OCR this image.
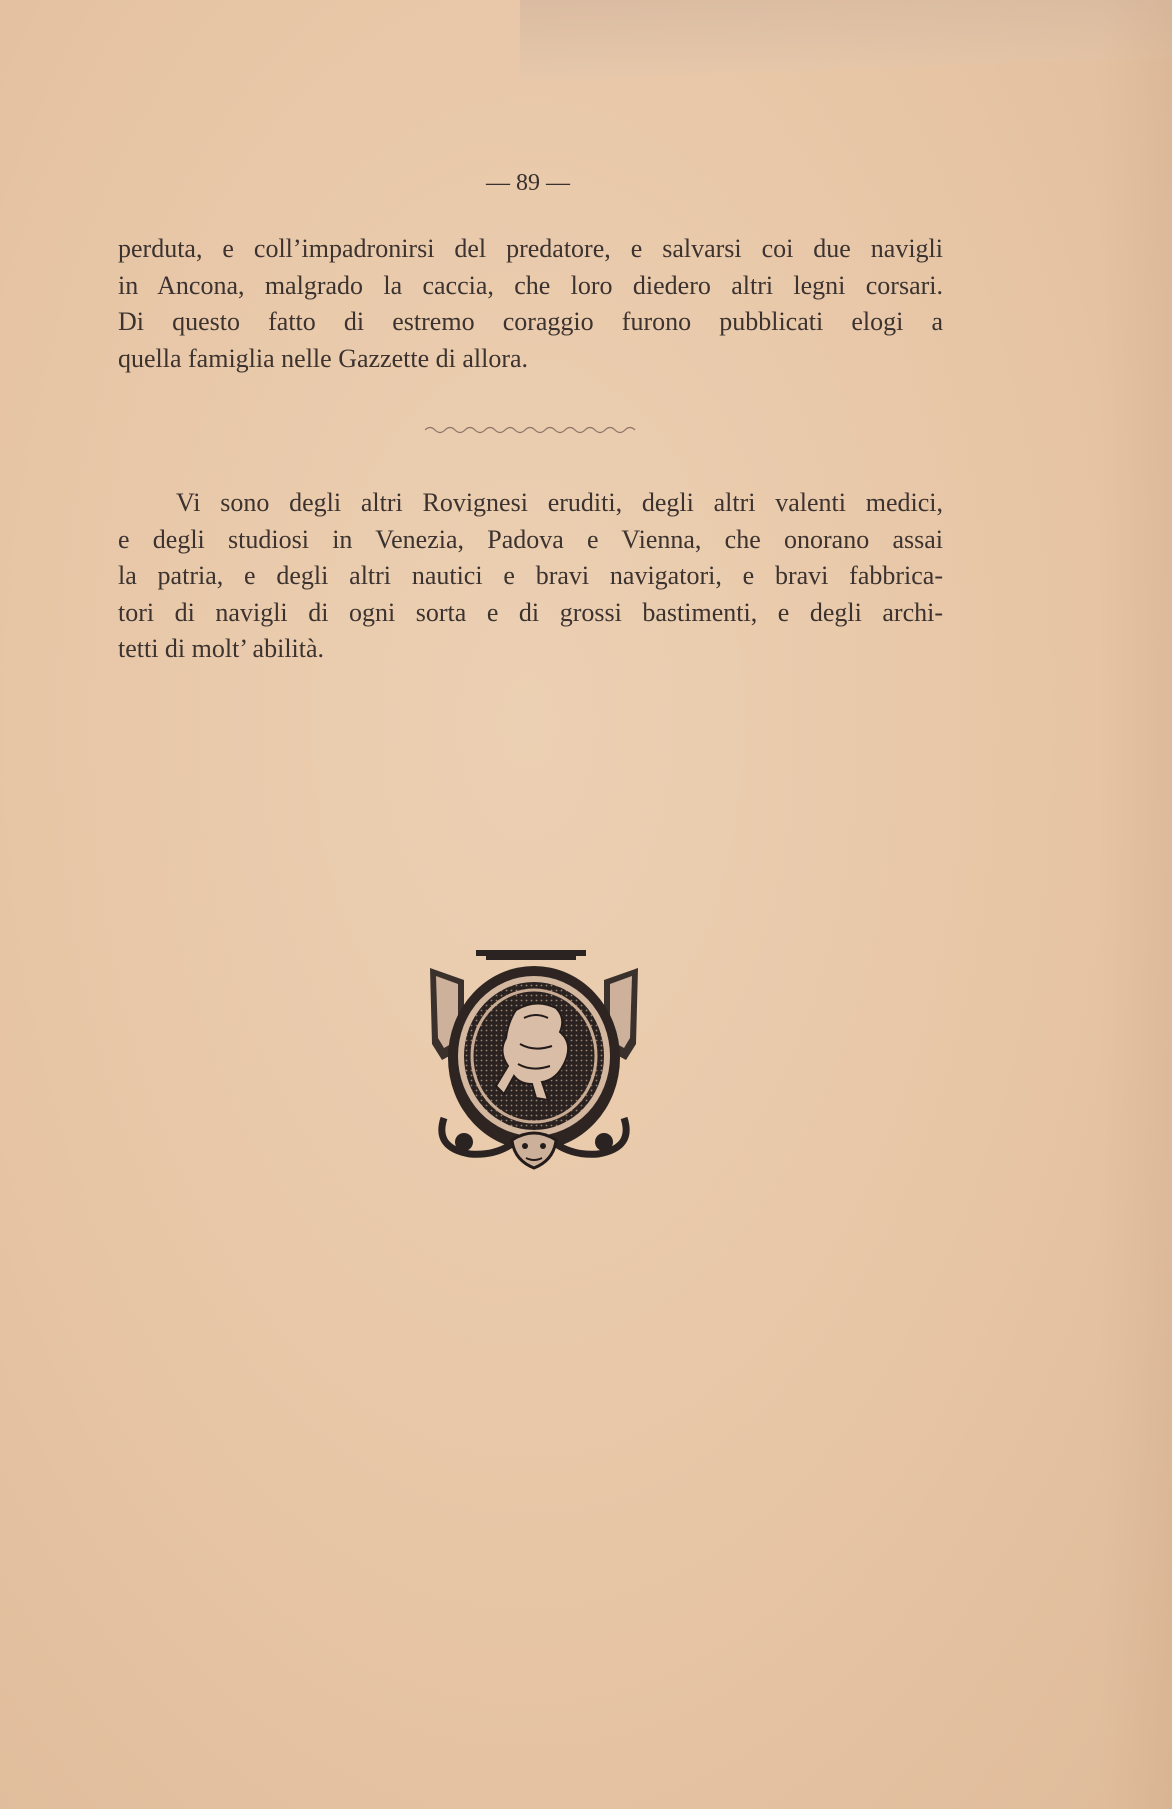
— 89 —
perduta, e coll’impadronirsi del predatore, e salvarsi coi due navigli
in Ancona, malgrado la caccia, che loro diedero altri legni corsari.
Di questo fatto di estremo coraggio furono pubblicati elogi a
quella famiglia nelle Gazzette di allora.
Vi sono degli altri Rovignesi eruditi, degli altri valenti medici,
e degli studiosi in Venezia, Padova e Vienna, che onorano assai
la patria, e degli altri nautici e bravi navigatori, e bravi fabbrica-
tori di navigli di ogni sorta e di grossi bastimenti, e degli archi-
tetti di molt’ abilità.
